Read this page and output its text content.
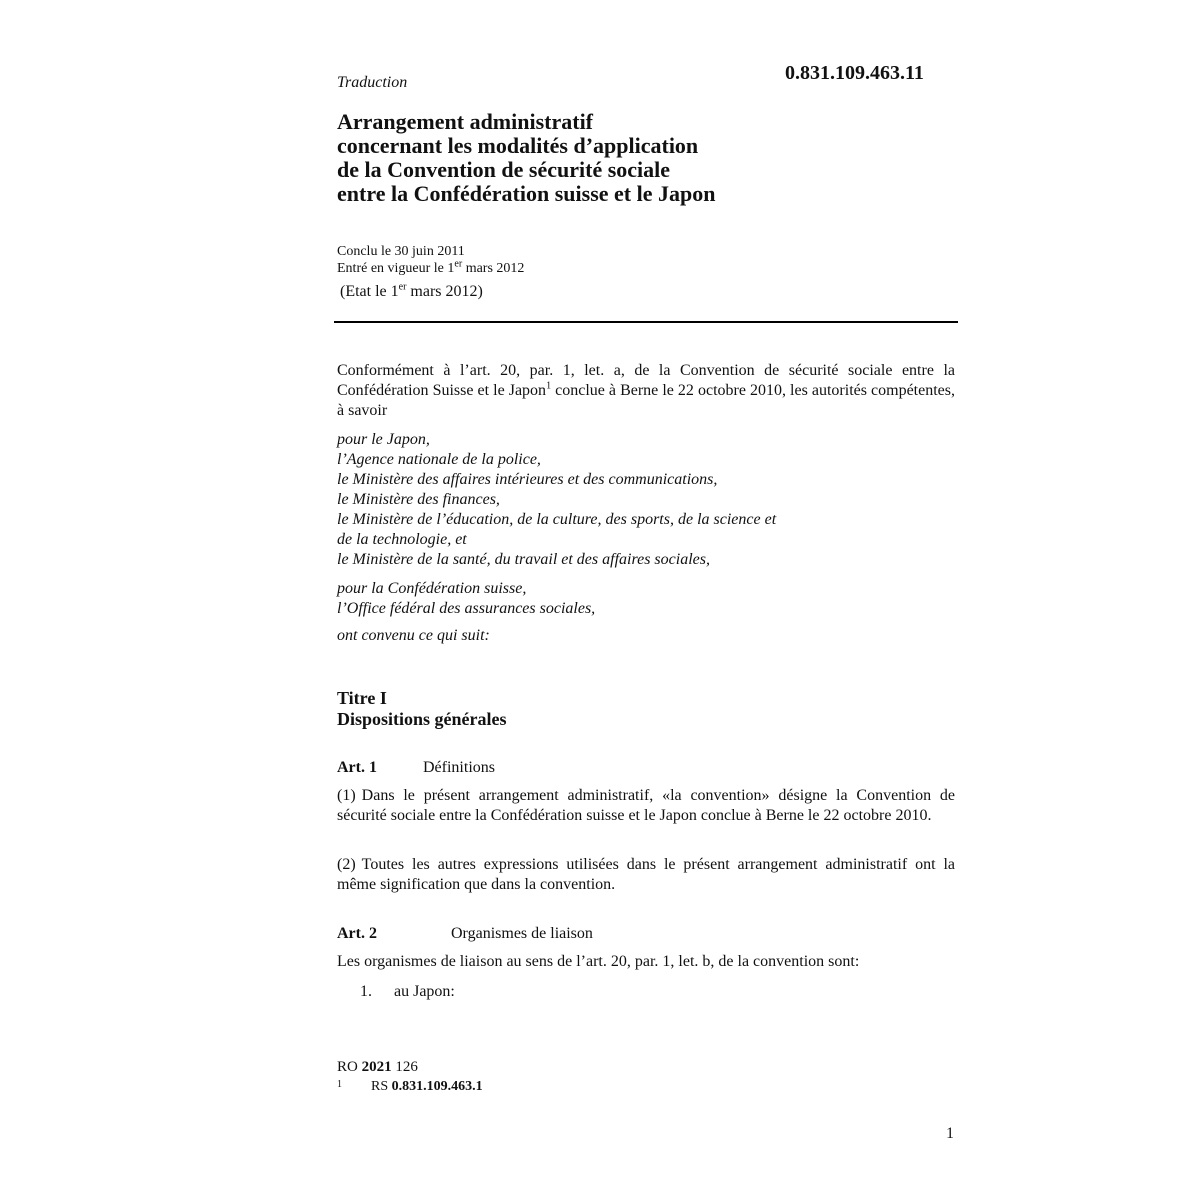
0.831.109.463.11
Traduction
Arrangement administratif
concernant les modalités d’application
de la Convention de sécurité sociale
entre la Confédération suisse et le Japon
Conclu le 30 juin 2011
Entré en vigueur le 1er mars 2012
(Etat le 1er mars 2012)
Conformément à l’art. 20, par. 1, let. a, de la Convention de sécurité sociale entre la Confédération Suisse et le Japon$^1$ conclue à Berne le 22 octobre 2010, les autorités compétentes, à savoir
pour le Japon,
l’Agence nationale de la police,
le Ministère des affaires intérieures et des communications,
le Ministère des finances,
le Ministère de l’éducation, de la culture, des sports, de la science et
de la technologie, et
le Ministère de la santé, du travail et des affaires sociales,
pour la Confédération suisse,
l’Office fédéral des assurances sociales,
ont convenu ce qui suit:
Titre I
Dispositions générales
Art. 1	Définitions
(1) Dans le présent arrangement administratif, «la convention» désigne la Convention de sécurité sociale entre la Confédération suisse et le Japon conclue à Berne le 22 octobre 2010.
(2) Toutes les autres expressions utilisées dans le présent arrangement administratif ont la même signification que dans la convention.
Art. 2	Organismes de liaison
Les organismes de liaison au sens de l’art. 20, par. 1, let. b, de la convention sont:
1. au Japon:
RO 2021 126
$^1$ RS 0.831.109.463.1
1
